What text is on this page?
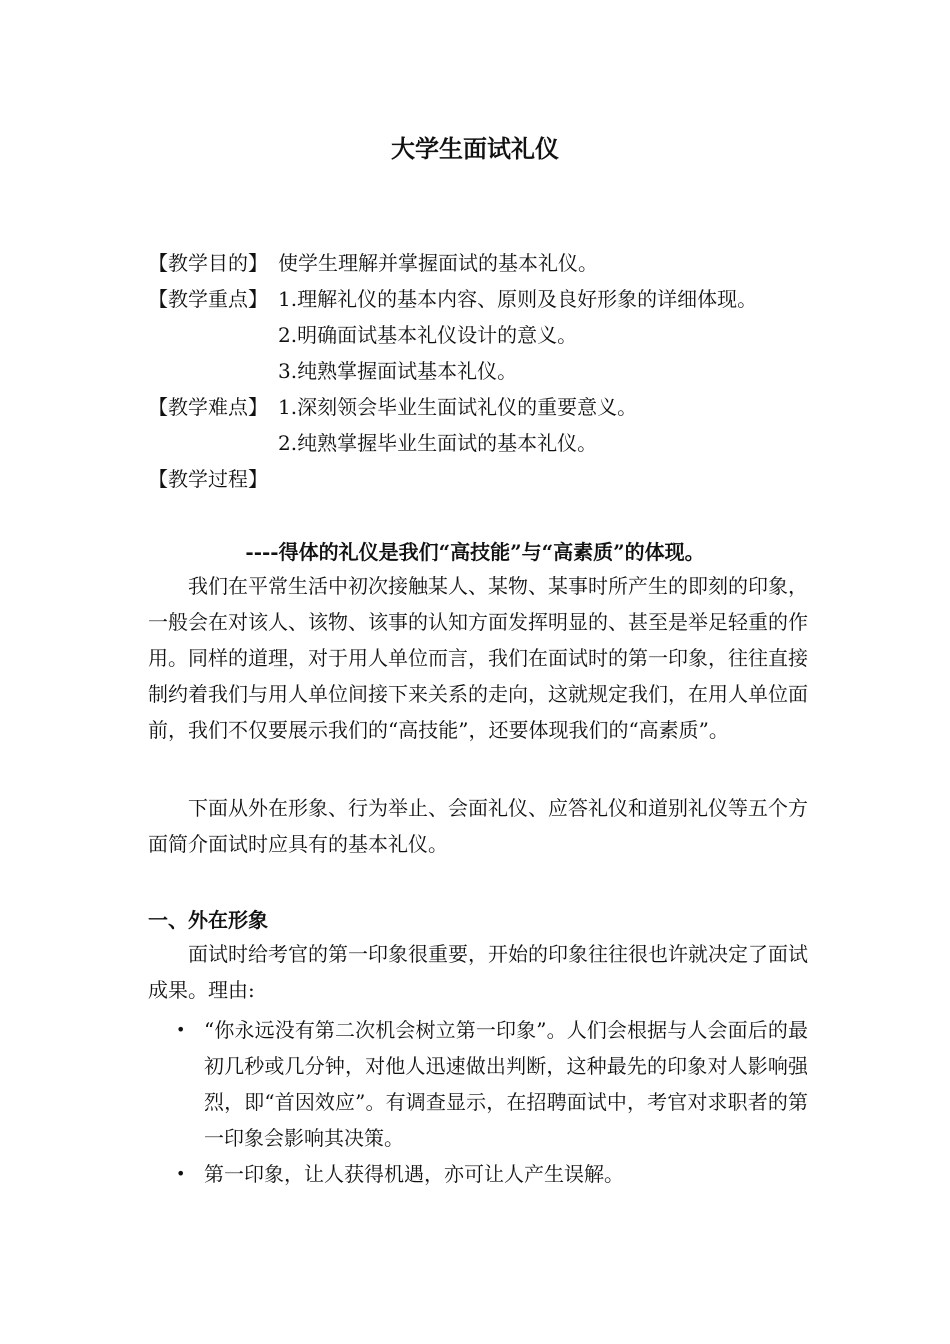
大学生面试礼仪
【教学目的】 使学生理解并掌握面试的基本礼仪。
【教学重点】 1.理解礼仪的基本内容、原则及良好形象的详细体现。
2.明确面试基本礼仪设计的意义。
3.纯熟掌握面试基本礼仪。
【教学难点】 1.深刻领会毕业生面试礼仪的重要意义。
2.纯熟掌握毕业生面试的基本礼仪。
【教学过程】
----得体的礼仪是我们“高技能”与“高素质”的体现。

我们在平常生活中初次接触某人、某物、某事时所产生的即刻的印象，一般会在对该人、该物、该事的认知方面发挥明显的、甚至是举足轻重的作用。同样的道理，对于用人单位而言，我们在面试时的第一印象，往往直接制约着我们与用人单位间接下来关系的走向，这就规定我们，在用人单位面前，我们不仅要展示我们的“高技能”，还要体现我们的“高素质”。

下面从外在形象、行为举止、会面礼仪、应答礼仪和道别礼仪等五个方面简介面试时应具有的基本礼仪。

一、外在形象

面试时给考官的第一印象很重要，开始的印象往往很也许就决定了面试成果。理由:

• “你永远没有第二次机会树立第一印象”。人们会根据与人会面后的最初几秒或几分钟，对他人迅速做出判断，这种最先的印象对人影响强烈，即“首因效应”。有调查显示，在招聘面试中，考官对求职者的第一印象会影响其决策。
• 第一印象，让人获得机遇，亦可让人产生误解。
